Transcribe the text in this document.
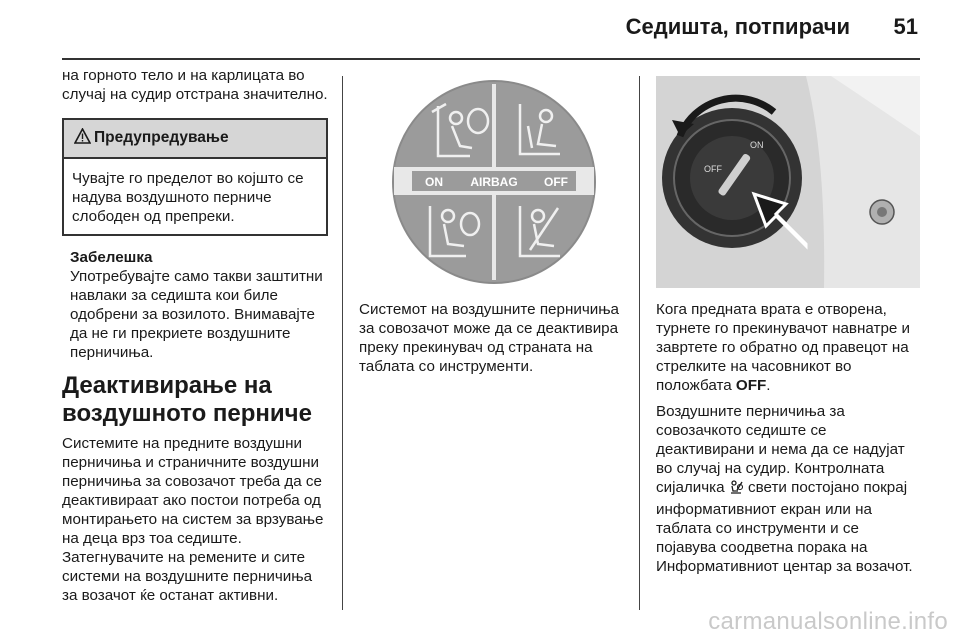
Седишта, потпирачи 51

на горното тело и на карлицата во случај на судир отстрана значително.

Предупредување
Чувајте го пределот во којшто се надува воздушното перниче слободен од препреки.
Забелешка
Употребувајте само такви заштитни навлаки за седишта кои биле одобрени за возилото. Внимавајте да не ги прекриете воздушните перничиња.
Деактивирање на воздушното перниче

Системите на предните воздушни перничиња и страничните воздушни перничиња за совозачот треба да се деактивираат ако постои потреба од монтирањето на систем за врзување на деца врз тоа седиште. Затегнувачите на ремените и сите системи на воздушните перничиња за возачот ќе останат активни.

ON AIRBAG OFF

Системот на воздушните перничиња за совозачот може да се деактивира преку прекинувач од страната на таблата со инструменти.

ON
OFF

Кога предната врата е отворена, турнете го прекинувачот навнатре и завртете го обратно од правецот на стрелките на часовникот во положбата OFF.

Воздушните перничиња за совозачкото седиште се деактивирани и нема да се надујат во случај на судир. Контролната сијаличка  свети постојано покрај информативниот екран или на таблата со инструменти и се појавува соодветна порака на Информативниот центар за возачот.

carmanualsonline.info
